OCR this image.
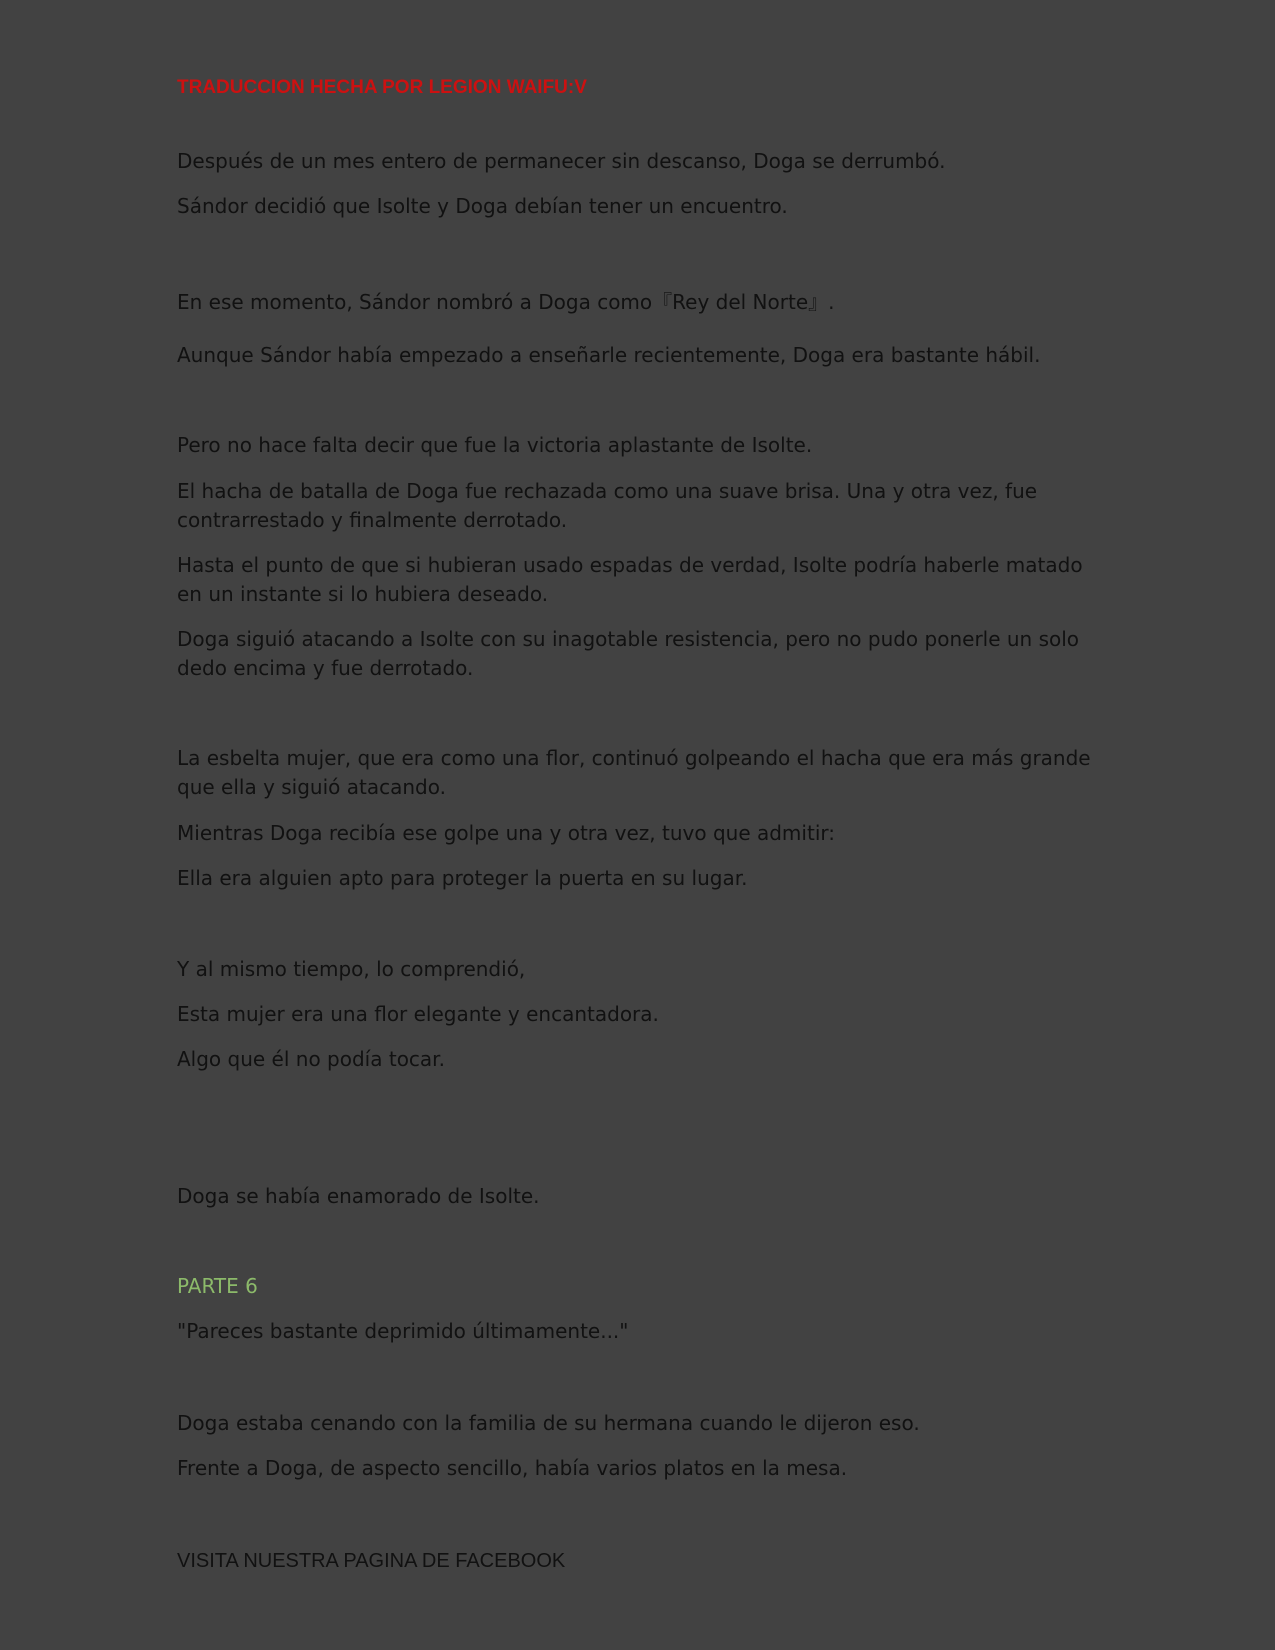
TRADUCCION HECHA POR LEGION WAIFU:V

Después de un mes entero de permanecer sin descanso, Doga se derrumbó.

Sándor decidió que Isolte y Doga debían tener un encuentro.

En ese momento, Sándor nombró a Doga como『Rey del Norte』.

Aunque Sándor había empezado a enseñarle recientemente, Doga era bastante hábil.

Pero no hace falta decir que fue la victoria aplastante de Isolte.

El hacha de batalla de Doga fue rechazada como una suave brisa. Una y otra vez, fue contrarrestado y finalmente derrotado.

Hasta el punto de que si hubieran usado espadas de verdad, Isolte podría haberle matado en un instante si lo hubiera deseado.

Doga siguió atacando a Isolte con su inagotable resistencia, pero no pudo ponerle un solo dedo encima y fue derrotado.

La esbelta mujer, que era como una flor, continuó golpeando el hacha que era más grande que ella y siguió atacando.

Mientras Doga recibía ese golpe una y otra vez, tuvo que admitir:

Ella era alguien apto para proteger la puerta en su lugar.

Y al mismo tiempo, lo comprendió,

Esta mujer era una flor elegante y encantadora.

Algo que él no podía tocar.

Doga se había enamorado de Isolte.

PARTE 6

"Pareces bastante deprimido últimamente..."

Doga estaba cenando con la familia de su hermana cuando le dijeron eso.

Frente a Doga, de aspecto sencillo, había varios platos en la mesa.

VISITA NUESTRA PAGINA DE FACEBOOK
